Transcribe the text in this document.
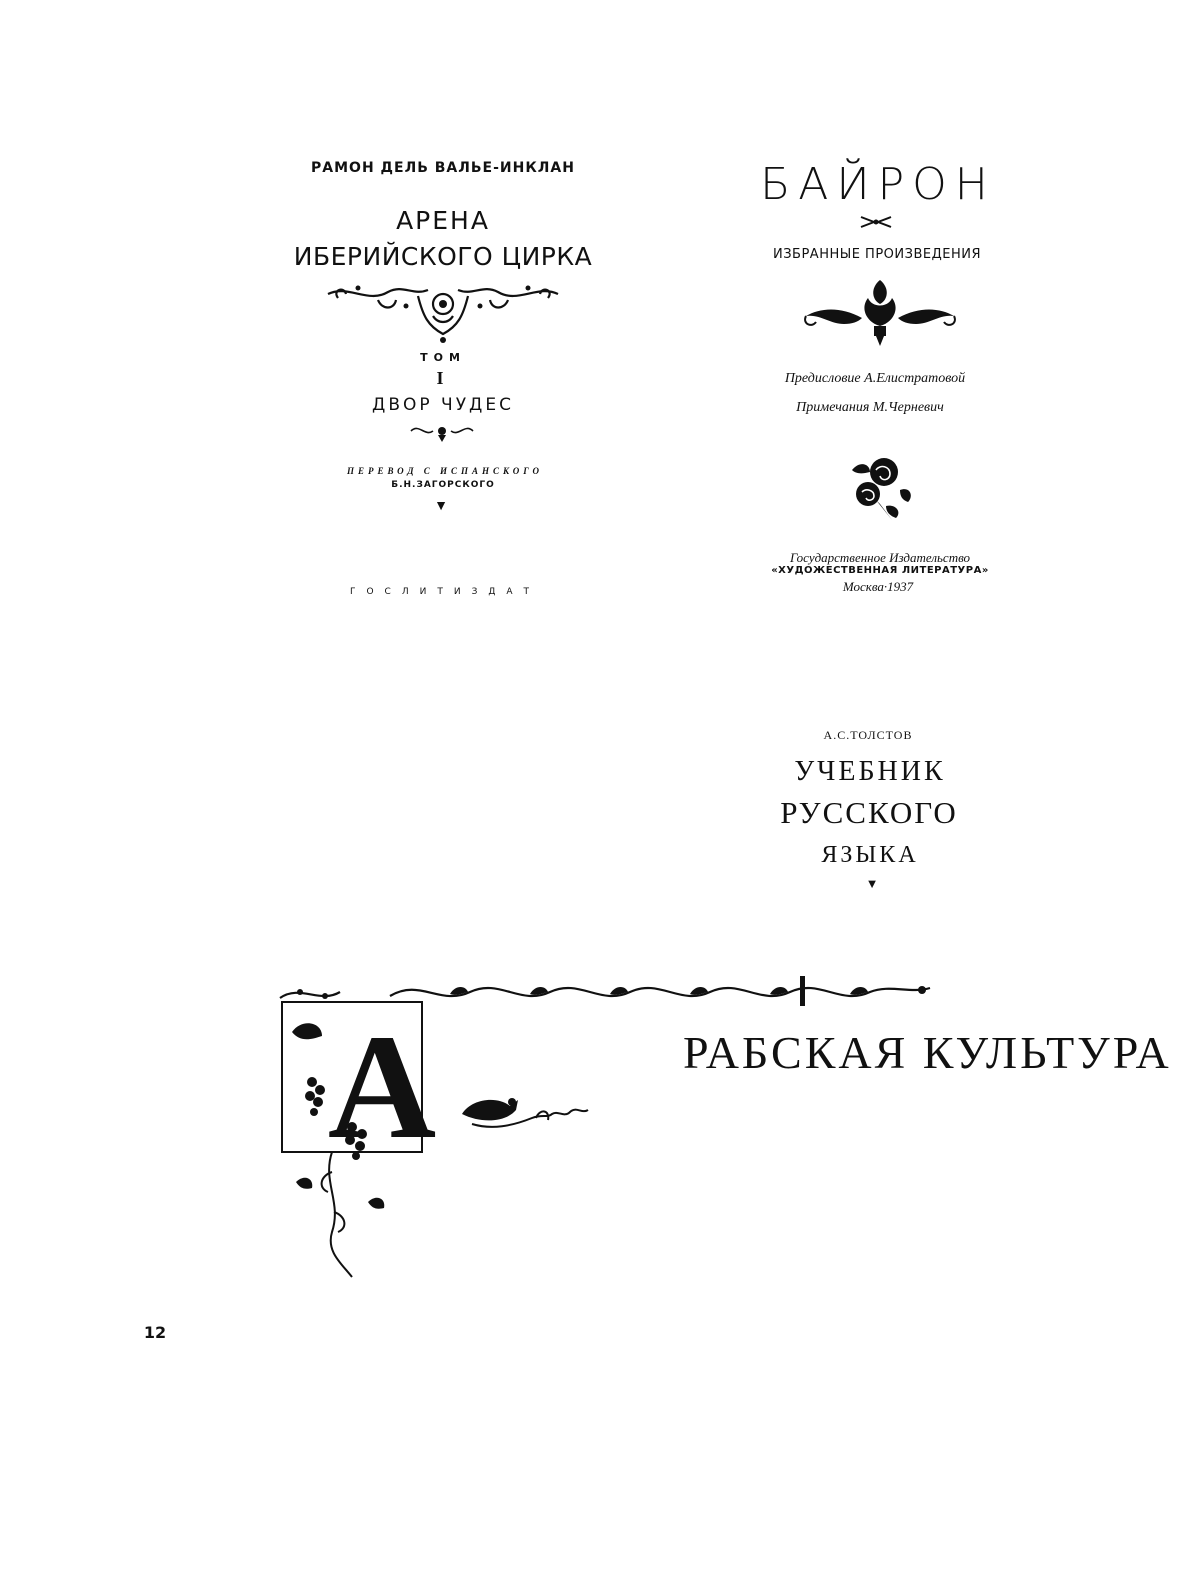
РАМОН ДЕЛЬ ВАЛЬЕ-ИНКЛАН
АРЕНА
ИБЕРИЙСКОГО ЦИРКА
ТОМ
I
ДВОР ЧУДЕС
ПЕРЕВОД С ИСПАНСКОГО
Б.Н.ЗАГОРСКОГО
▼
ГОСЛИТИЗДАТ
БАЙРОН
ИЗБРАННЫЕ ПРОИЗВЕДЕНИЯ
Предисловие А.Елистратовой
Примечания М.Черневич
Государственное Издательство
«ХУДОЖЕСТВЕННАЯ ЛИТЕРАТУРА»
Москва·1937
А.С.ТОЛСТОВ
УЧЕБНИК
РУССКОГО
ЯЗЫКА
▼
А	РАБСКАЯ КУЛЬТУРА
12
